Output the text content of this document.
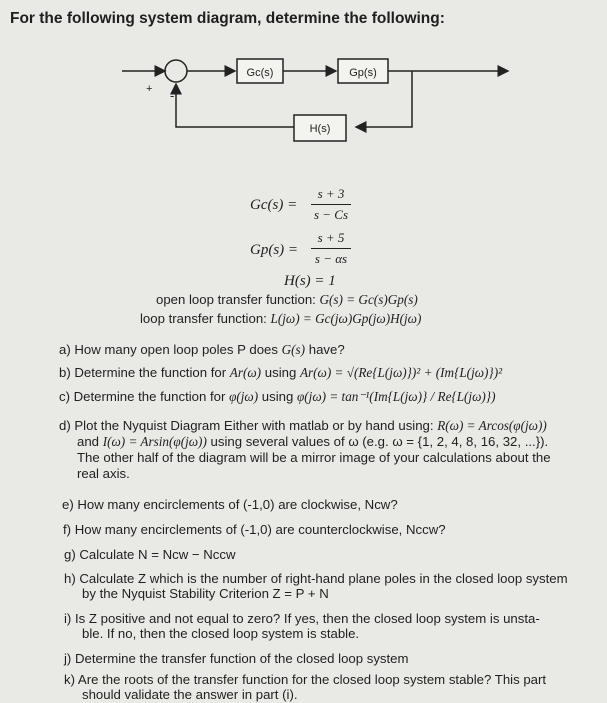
For the following system diagram, determine the following:
+ -
Gc(s)	Gp(s)
H(s)
Gc(s) =
s + 3
s − Cs
Gp(s) =
s + 5
s − αs
H(s) = 1
open loop transfer function: G(s) = Gc(s)Gp(s)
loop transfer function: L(jω) = Gc(jω)Gp(jω)H(jω)
a) How many open loop poles P does G(s) have?
b) Determine the function for Ar(ω) using Ar(ω) = √(Re{L(jω)})² + (Im{L(jω)})²
c) Determine the function for φ(jω) using φ(jω) = tan⁻¹(Im{L(jω)} / Re{L(jω)})
d) Plot the Nyquist Diagram Either with matlab or by hand using: R(ω) = Arcos(φ(jω))
and I(ω) = Arsin(φ(jω)) using several values of ω (e.g. ω = {1, 2, 4, 8, 16, 32, ...}).
The other half of the diagram will be a mirror image of your calculations about the
real axis.
e) How many encirclements of (-1,0) are clockwise, Ncw?
f) How many encirclements of (-1,0) are counterclockwise, Nccw?
g) Calculate N = Ncw − Nccw
h) Calculate Z which is the number of right-hand plane poles in the closed loop system
by the Nyquist Stability Criterion Z = P + N
i) Is Z positive and not equal to zero? If yes, then the closed loop system is unsta-
ble. If no, then the closed loop system is stable.
j) Determine the transfer function of the closed loop system
k) Are the roots of the transfer function for the closed loop system stable? This part
should validate the answer in part (i).
